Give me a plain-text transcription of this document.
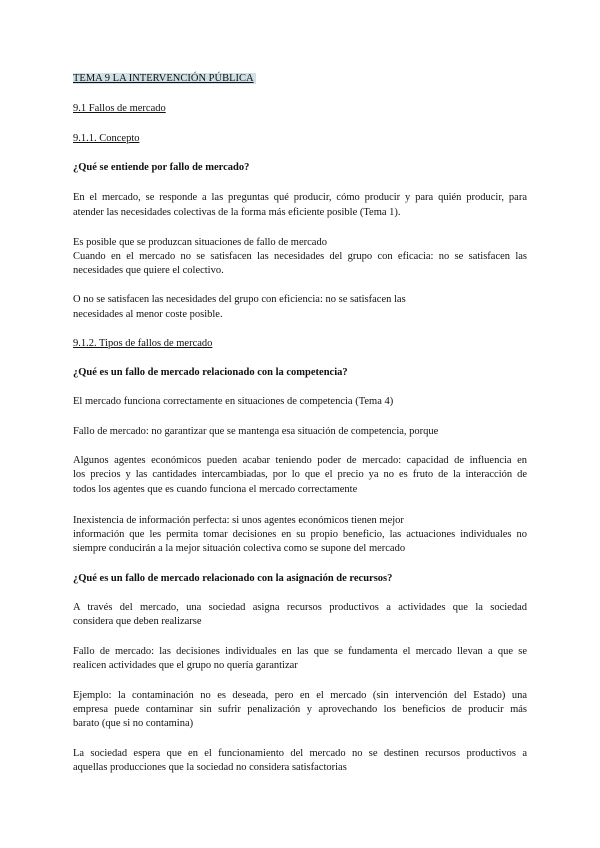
TEMA 9 LA INTERVENCIÓN PÚBLICA
9.1 Fallos de mercado
9.1.1. Concepto
¿Qué se entiende por fallo de mercado?
En el mercado, se responde a las preguntas qué producir, cómo producir y para quién producir, para
atender las necesidades colectivas de la forma más eficiente posible (Tema 1).
Es posible que se produzcan situaciones de fallo de mercado
Cuando en el mercado no se satisfacen las necesidades del grupo con eficacia: no se satisfacen las
necesidades que quiere el colectivo.
O no se satisfacen las necesidades del grupo con eficiencia: no se satisfacen las
necesidades al menor coste posible.
9.1.2. Tipos de fallos de mercado
¿Qué es un fallo de mercado relacionado con la competencia?
El mercado funciona correctamente en situaciones de competencia (Tema 4)
Fallo de mercado: no garantizar que se mantenga esa situación de competencia, porque
Algunos agentes económicos pueden acabar teniendo poder de mercado: capacidad de influencia en
los precios y las cantidades intercambiadas, por lo que el precio ya no es fruto de la interacción de
todos los agentes que es cuando funciona el mercado correctamente
Inexistencia de información perfecta: si unos agentes económicos tienen mejor
información que les permita tomar decisiones en su propio beneficio, las actuaciones individuales no
siempre conducirán a la mejor situación colectiva como se supone del mercado
¿Qué es un fallo de mercado relacionado con la asignación de recursos?
A través del mercado, una sociedad asigna recursos productivos a actividades que la sociedad
considera que deben realizarse
Fallo de mercado: las decisiones individuales en las que se fundamenta el mercado llevan a que se
realicen actividades que el grupo no quería garantizar
Ejemplo: la contaminación no es deseada, pero en el mercado (sin intervención del Estado) una
empresa puede contaminar sin sufrir penalización y aprovechando los beneficios de producir más
barato (que si no contamina)
La sociedad espera que en el funcionamiento del mercado no se destinen recursos productivos a
aquellas producciones que la sociedad no considera satisfactorias
